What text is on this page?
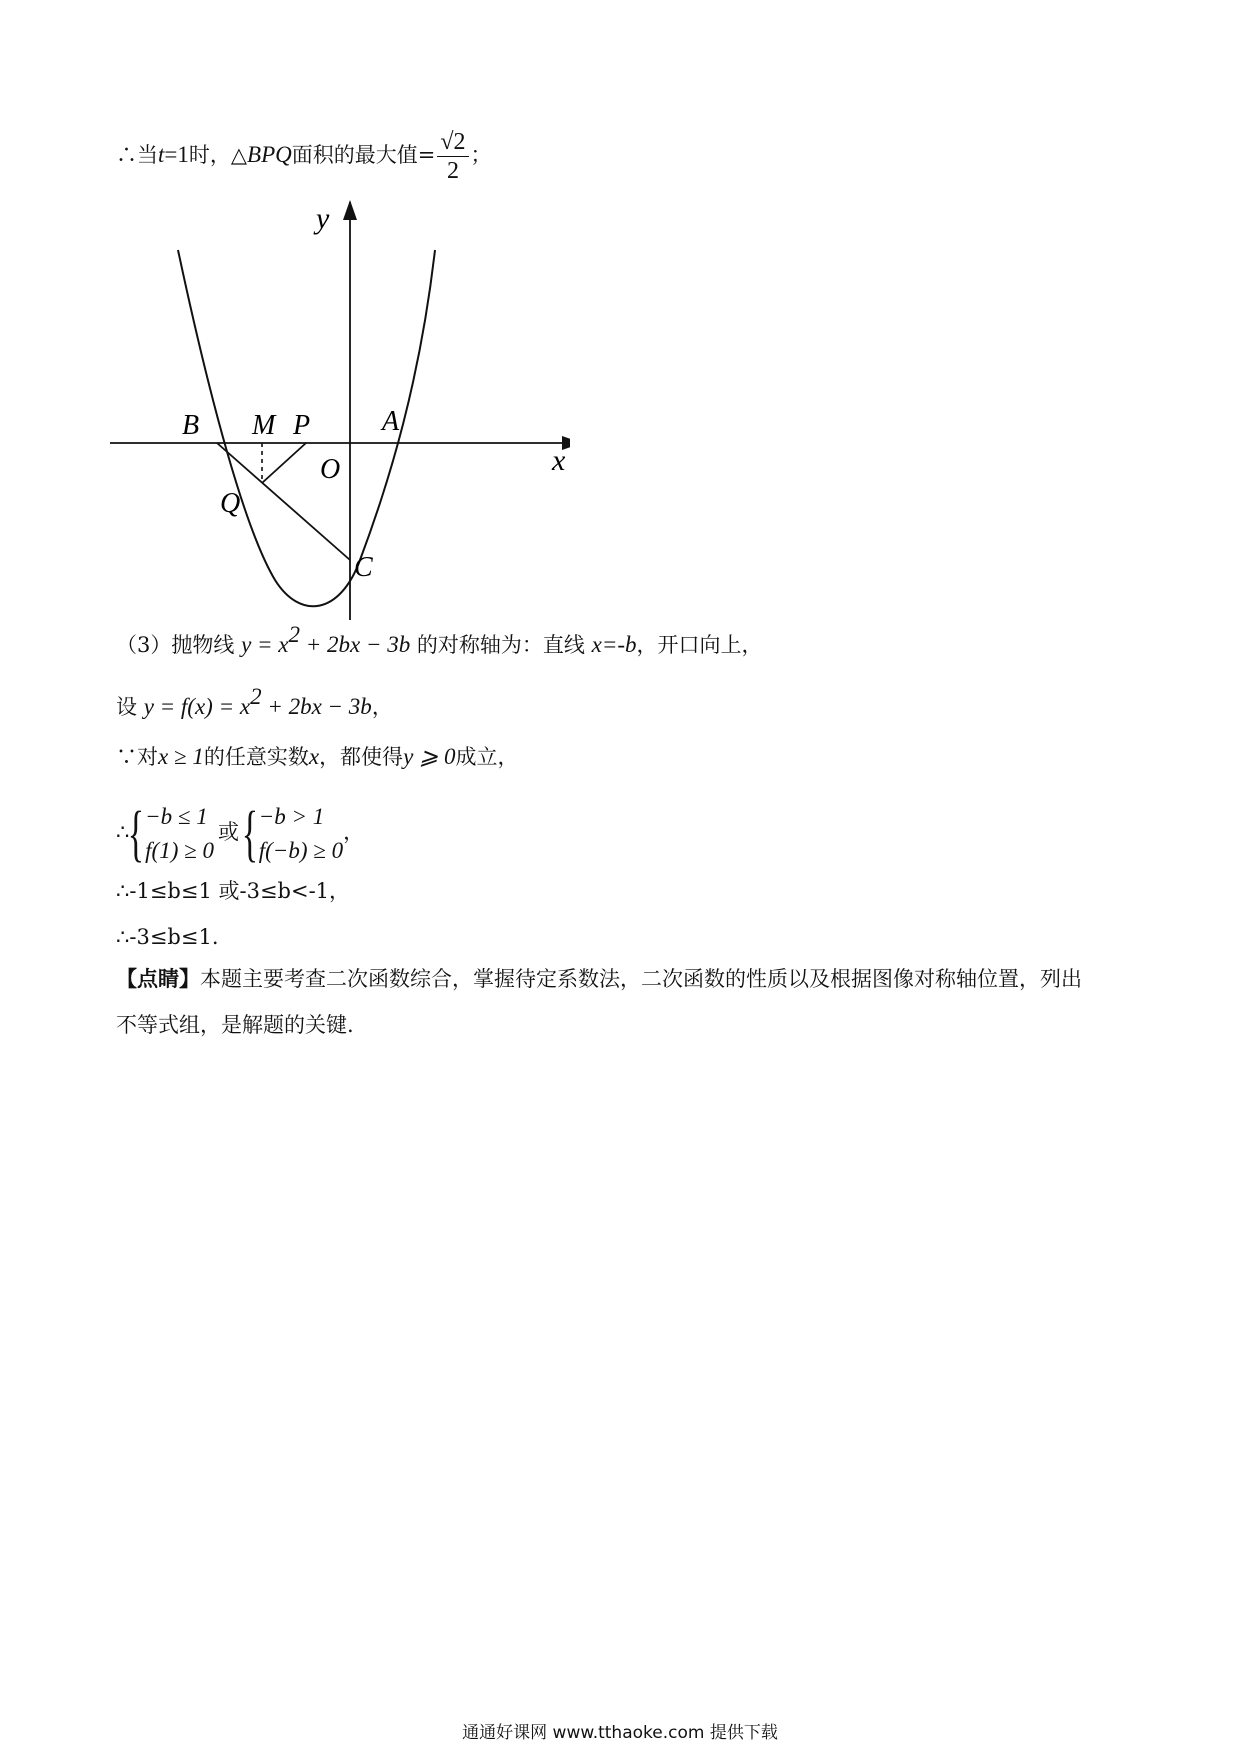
∴当t=1时，△BPQ面积的最大值= $\frac{√2}{2}$ ；
y
x
O
B M P	A
Q
C
（3）抛物线 $y = x^2 + 2bx - 3b$ 的对称轴为：直线 x=-b，开口向上，
设 $y = f(x) = x^2 + 2bx - 3b$，
∵对x ≥ 1的任意实数x，都使得y ⩾ 0成立，
∴{ −b ≤ 1
f(1) ≥ 0
或{ −b > 1
f(−b) ≥ 0
，
∴-1≤b≤1 或-3≤b<-1，
∴-3≤b≤1.
【点睛】本题主要考查二次函数综合，掌握待定系数法，二次函数的性质以及根据图像对称轴位置，列出
不等式组，是解题的关键.
通通好课网 www.tthaoke.com 提供下载
